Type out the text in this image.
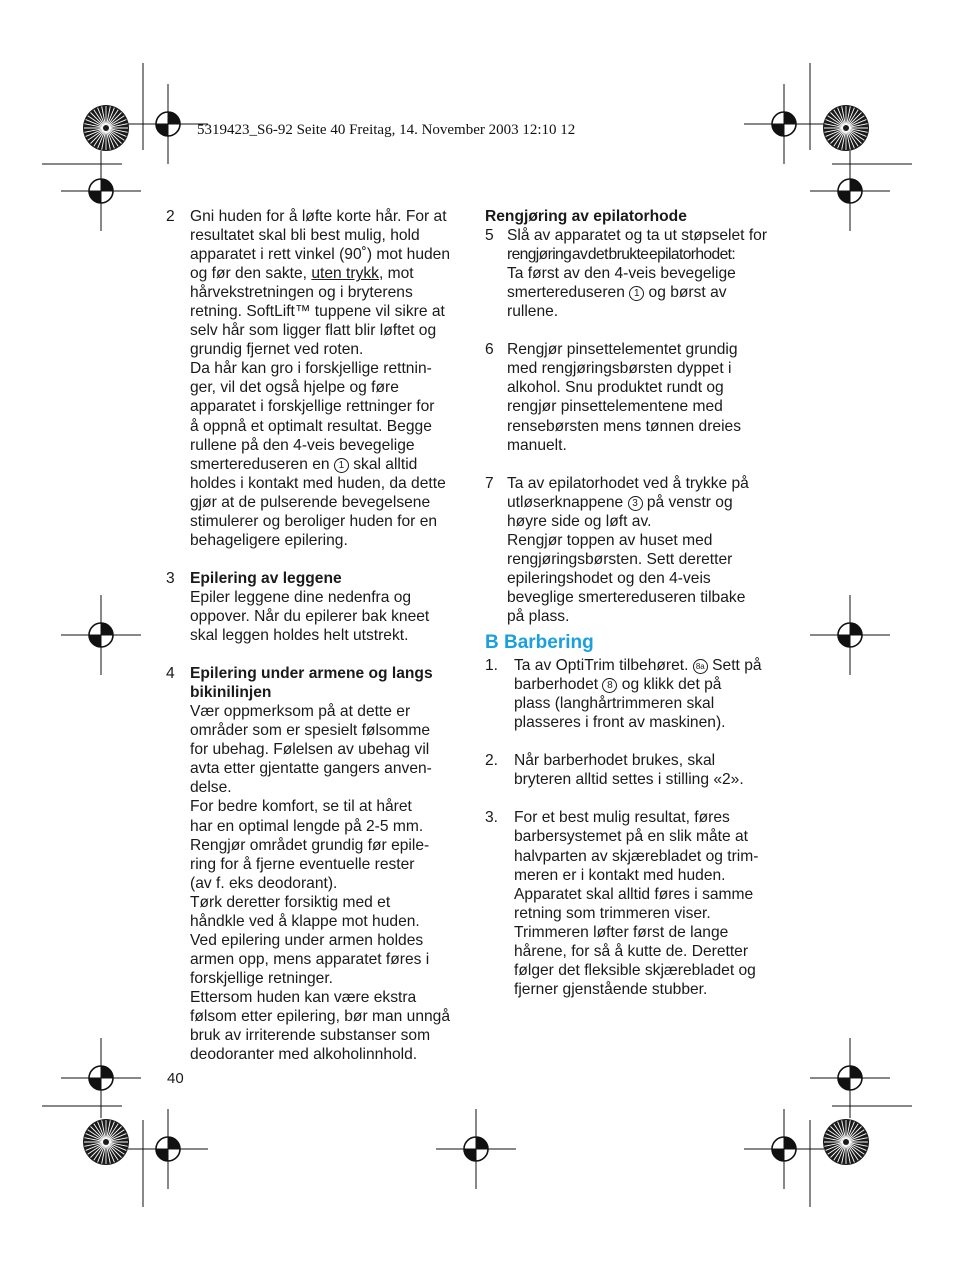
5319423_S6-92 Seite 40 Freitag, 14. November 2003 12:10 12
2 Gni huden for å løfte korte hår. For at
resultatet skal bli best mulig, hold
apparatet i rett vinkel (90˚) mot huden
og før den sakte, uten trykk, mot
hårvekstretningen og i bryterens
retning. SoftLift™ tuppene vil sikre at
selv hår som ligger flatt blir løftet og
grundig fjernet ved roten.
Da hår kan gro i forskjellige rettnin-
ger, vil det også hjelpe og føre
apparatet i forskjellige rettninger for
å oppnå et optimalt resultat. Begge
rullene på den 4-veis bevegelige
smertereduseren en 1 skal alltid
holdes i kontakt med huden, da dette
gjør at de pulserende bevegelsene
stimulerer og beroliger huden for en
behageligere epilering.
3 Epilering av leggene
Epiler leggene dine nedenfra og
oppover. Når du epilerer bak kneet
skal leggen holdes helt utstrekt.
4 Epilering under armene og langs
bikinilinjen
Vær oppmerksom på at dette er
områder som er spesielt følsomme
for ubehag. Følelsen av ubehag vil
avta etter gjentatte gangers anven-
delse.
For bedre komfort, se til at håret
har en optimal lengde på 2-5 mm.
Rengjør området grundig før epile-
ring for å fjerne eventuelle rester
(av f. eks deodorant).
Tørk deretter forsiktig med et
håndkle ved å klappe mot huden.
Ved epilering under armen holdes
armen opp, mens apparatet føres i
forskjellige retninger.
Ettersom huden kan være ekstra
følsom etter epilering, bør man unngå
bruk av irriterende substanser som
deodoranter med alkoholinnhold.
40
Rengjøring av epilatorhode
5 Slå av apparatet og ta ut støpselet for
rengjøring av det brukte epilatorhodet:
Ta først av den 4-veis bevegelige
smertereduseren 1 og børst av
rullene.
6 Rengjør pinsettelementet grundig
med rengjøringsbørsten dyppet i
alkohol. Snu produktet rundt og
rengjør pinsettelementene med
rensebørsten mens tønnen dreies
manuelt.
7 Ta av epilatorhodet ved å trykke på
utløserknappene 3 på venstr og
høyre side og løft av.
Rengjør toppen av huset med
rengjøringsbørsten. Sett deretter
epileringshodet og den 4-veis
beveglige smertereduseren tilbake
på plass.
B Barbering
1. Ta av OptiTrim tilbehøret. 8a Sett på
barberhodet 8 og klikk det på
plass (langhårtrimmeren skal
plasseres i front av maskinen).
2. Når barberhodet brukes, skal
bryteren alltid settes i stilling «2».
3. For et best mulig resultat, føres
barbersystemet på en slik måte at
halvparten av skjærebladet og trim-
meren er i kontakt med huden.
Apparatet skal alltid føres i samme
retning som trimmeren viser.
Trimmeren løfter først de lange
hårene, for så å kutte de. Deretter
følger det fleksible skjærebladet og
fjerner gjenstående stubber.
